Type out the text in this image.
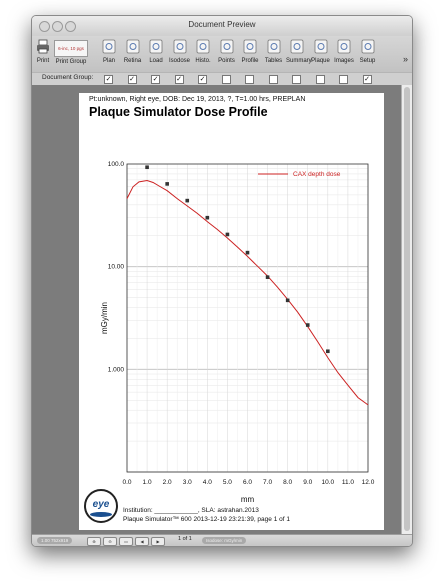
Document Preview
Print
6-inc, 10 pgs
Print Group	Plan	Retina	Load	Isodose Histo.	Points	Profile	Tables Summary Plaque Images Setup	»
Document Group: ✓	✓	✓	✓	✓	✓
Pt:unknown, Right eye, DOB: Dec 19, 2013, ?, T=1.00 hrs, PREPLAN
Plaque Simulator Dose Profile
100.0
10.00
1.000
0.0 1.0 2.0 3.0 4.0 5.0 6.0 7.0 8.0 9.0 10.0 11.0 12.0
mm
mGy/min
CAX depth dose
eye
Institution: ____________, SLA: astrahan.2013
Plaque Simulator™ 600 2013-12-19 23:21:39, page 1 of 1
1.00 752x919	⊕	⊖	▭	◀	▶	1 of 1	Isodose: mGy/min
